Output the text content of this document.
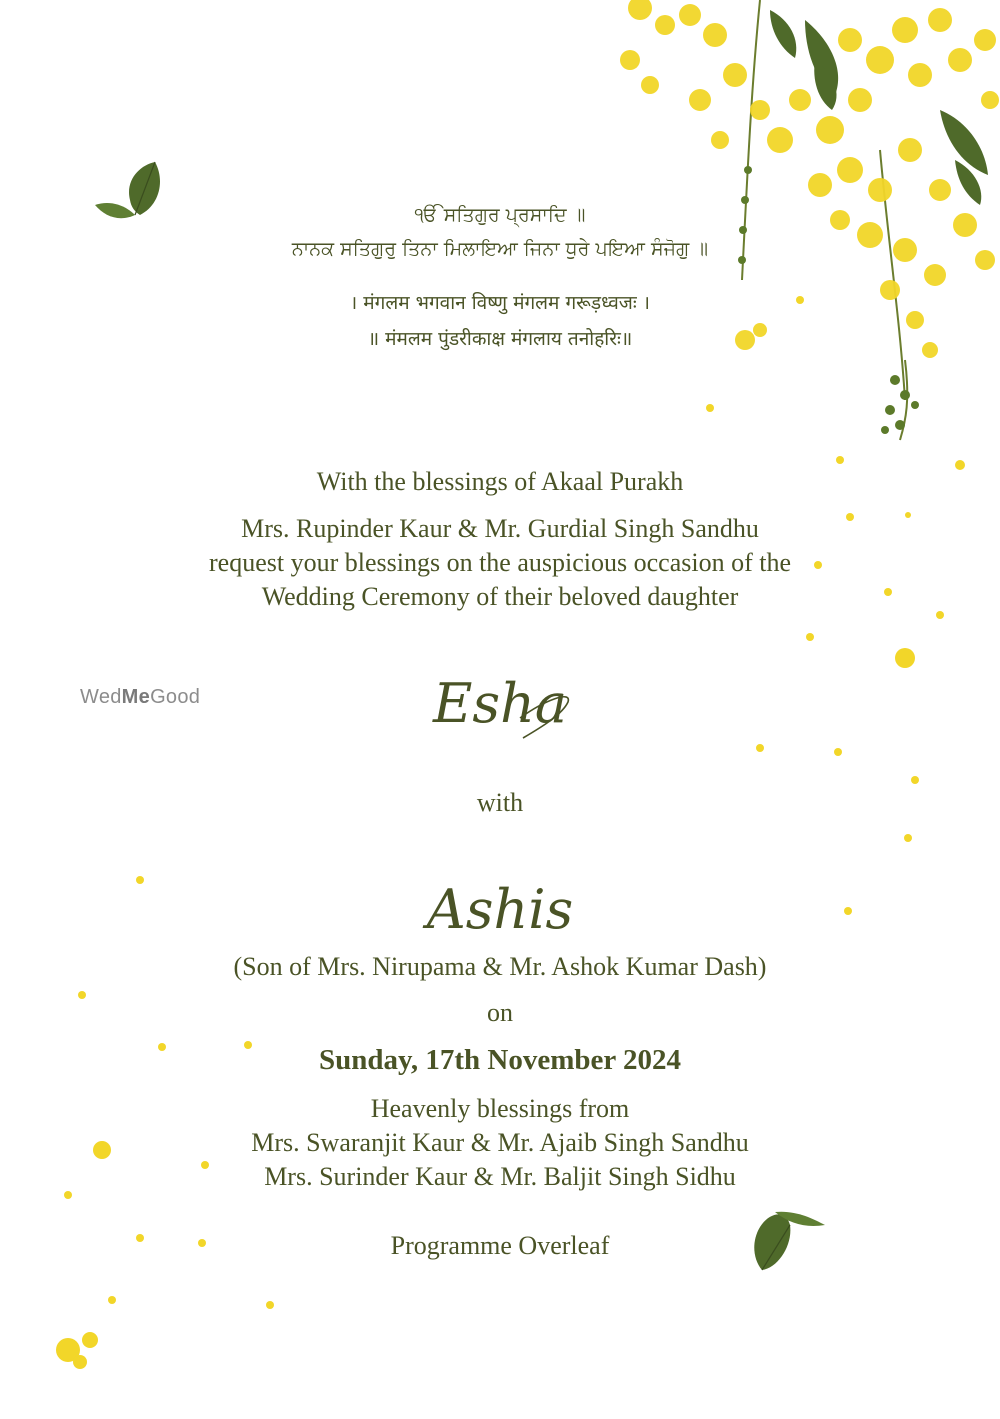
WedMeGood
ੴ ਸਤਿਗੁਰ ਪ੍ਰਸਾਦਿ ॥
ਨਾਨਕ ਸਤਿਗੁਰੁ ਤਿਨਾ ਮਿਲਾਇਆ ਜਿਨਾ ਧੁਰੇ ਪਇਆ ਸੰਜੋਗੁ ॥
। मंगलम भगवान विष्णु मंगलम गरूड़ध्वजः ।
॥ मंमलम पुंडरीकाक्ष मंगलाय तनोहरिः॥
With the blessings of Akaal Purakh
Mrs. Rupinder Kaur & Mr. Gurdial Singh Sandhu
request your blessings on the auspicious occasion of the
Wedding Ceremony of their beloved daughter
Esha
with
Ashis
(Son of Mrs. Nirupama & Mr. Ashok Kumar Dash)
on
Sunday, 17th November 2024
Heavenly blessings from
Mrs. Swaranjit Kaur & Mr. Ajaib Singh Sandhu
Mrs. Surinder Kaur & Mr. Baljit Singh Sidhu
Programme Overleaf
